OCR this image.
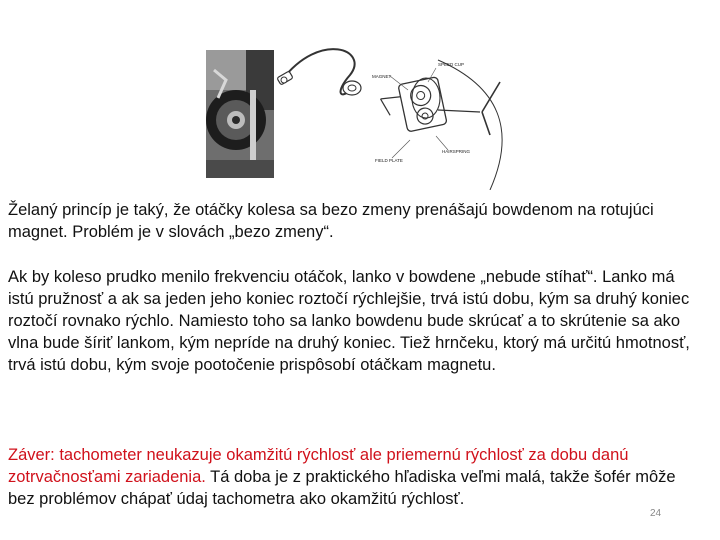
MAGNET
SPEED CUP
FIELD PLATE
HAIRSPRING

Želaný princíp je taký, že otáčky kolesa sa bezo zmeny prenášajú bowdenom na rotujúci magnet. Problém je v slovách „bezo zmeny“.

Ak by koleso prudko menilo frekvenciu otáčok, lanko v bowdene „nebude stíhať“. Lanko má istú pružnosť a ak sa jeden jeho koniec roztočí rýchlejšie, trvá istú dobu, kým sa druhý koniec roztočí rovnako rýchlo. Namiesto toho sa lanko bowdenu bude skrúcať a to skrútenie sa ako vlna bude šíriť lankom, kým nepríde na druhý koniec. Tiež hrnčeku, ktorý má určitú hmotnosť, trvá istú dobu, kým svoje pootočenie prispôsobí otáčkam magnetu.

Záver: tachometer neukazuje okamžitú rýchlosť ale priemernú rýchlosť za dobu danú zotrvačnosťami zariadenia. Tá doba je z praktického hľadiska veľmi malá, takže šofér môže bez problémov chápať údaj tachometra ako okamžitú rýchlosť.

24
